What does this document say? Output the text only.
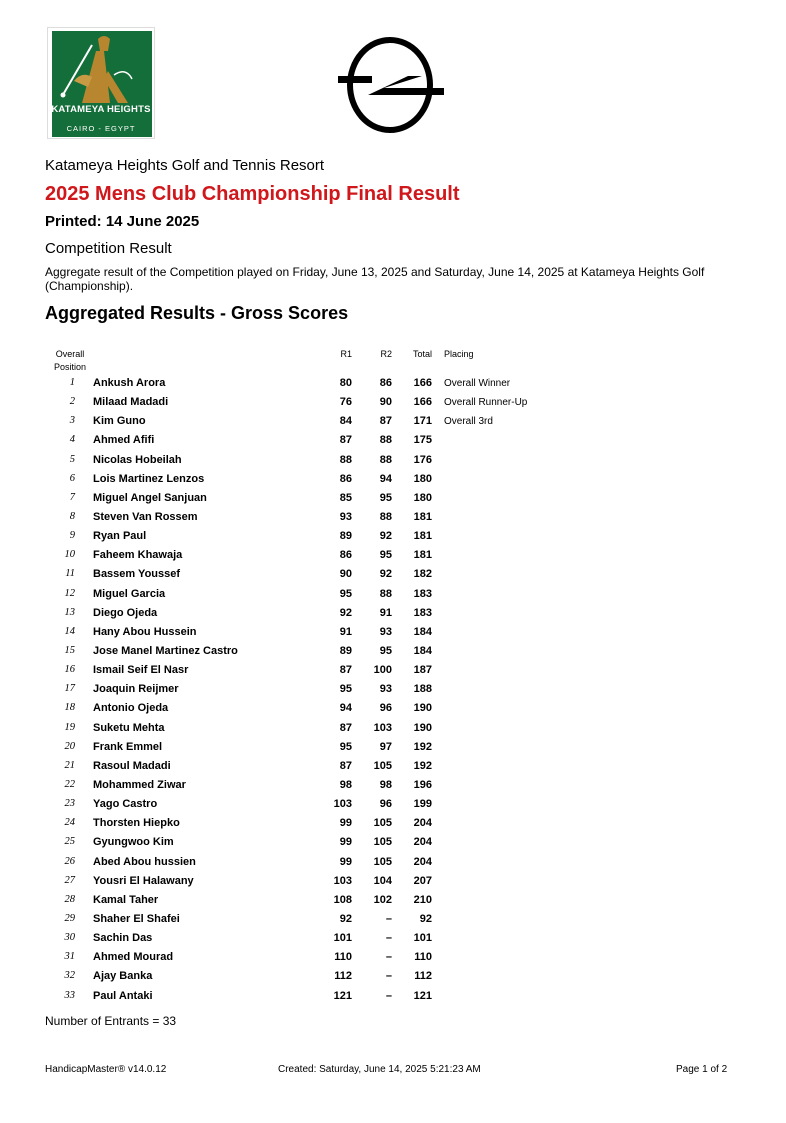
KATAMEYA HEIGHTS
CAIRO - EGYPT
Katameya Heights Golf and Tennis Resort
2025 Mens Club Championship Final Result
Printed: 14 June 2025
Competition Result
Aggregate result of the Competition played on Friday, June 13, 2025 and Saturday, June 14, 2025 at Katameya Heights Golf (Championship).
Aggregated Results - Gross Scores
Overall Position
R1	R2	Total Placing
1 Ankush Arora	80	86	166 Overall Winner
2 Milaad Madadi	76	90	166 Overall Runner-Up
3 Kim Guno	84	87	171 Overall 3rd
4 Ahmed Afifi	87	88	175
5 Nicolas Hobeilah	88	88	176
6 Lois Martinez Lenzos	86	94	180
7 Miguel Angel Sanjuan	85	95	180
8 Steven Van Rossem	93	88	181
9 Ryan Paul	89	92	181
10 Faheem Khawaja	86	95	181
11 Bassem Youssef	90	92	182
12 Miguel Garcia	95	88	183
13 Diego Ojeda	92	91	183
14 Hany Abou Hussein	91	93	184
15 Jose Manel Martinez Castro	89	95	184
16 Ismail Seif El Nasr	87	100	187
17 Joaquin Reijmer	95	93	188
18 Antonio Ojeda	94	96	190
19 Suketu Mehta	87	103	190
20 Frank Emmel	95	97	192
21 Rasoul Madadi	87	105	192
22 Mohammed Ziwar	98	98	196
23 Yago Castro	103	96	199
24 Thorsten Hiepko	99	105	204
25 Gyungwoo Kim	99	105	204
26 Abed Abou hussien	99	105	204
27 Yousri El Halawany	103	104	207
28 Kamal Taher	108	102	210
29 Shaher El Shafei	92	–	92
30 Sachin Das	101	–	101
31 Ahmed Mourad	110	–	110
32 Ajay Banka	112	–	112
33 Paul Antaki	121	–	121
Number of Entrants = 33
HandicapMaster® v14.0.12	Created: Saturday, June 14, 2025 5:21:23 AM	Page 1 of 2
